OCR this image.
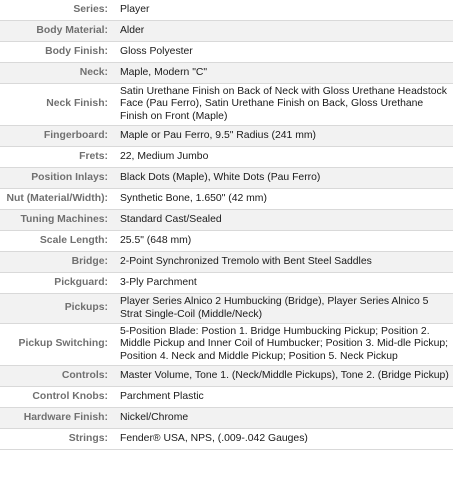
Series:	Player
Body Material:	Alder
Body Finish:	Gloss Polyester
Neck:	Maple, Modern "C"
Neck Finish:	Satin Urethane Finish on Back of Neck with Gloss Urethane Headstock Face (Pau Ferro), Satin Urethane Finish on Back, Gloss Urethane Finish on Front (Maple)
Fingerboard:	Maple or Pau Ferro, 9.5" Radius (241 mm)
Frets:	22, Medium Jumbo
Position Inlays:	Black Dots (Maple), White Dots (Pau Ferro)
Nut (Material/Width):	Synthetic Bone, 1.650" (42 mm)
Tuning Machines:	Standard Cast/Sealed
Scale Length:	25.5" (648 mm)
Bridge:	2-Point Synchronized Tremolo with Bent Steel Saddles
Pickguard:	3-Ply Parchment
Pickups:	Player Series Alnico 2 Humbucking (Bridge), Player Series Alnico 5 Strat Single-Coil (Middle/Neck)
Pickup Switching:	5-Position Blade: Postion 1. Bridge Humbucking Pickup; Position 2. Middle Pickup and Inner Coil of Humbucker; Position 3. Mid-dle Pickup; Position 4. Neck and Middle Pickup; Position 5. Neck Pickup
Controls:	Master Volume, Tone 1. (Neck/Middle Pickups), Tone 2. (Bridge Pickup)
Control Knobs:	Parchment Plastic
Hardware Finish:	Nickel/Chrome
Strings:	Fender® USA, NPS, (.009-.042 Gauges)
